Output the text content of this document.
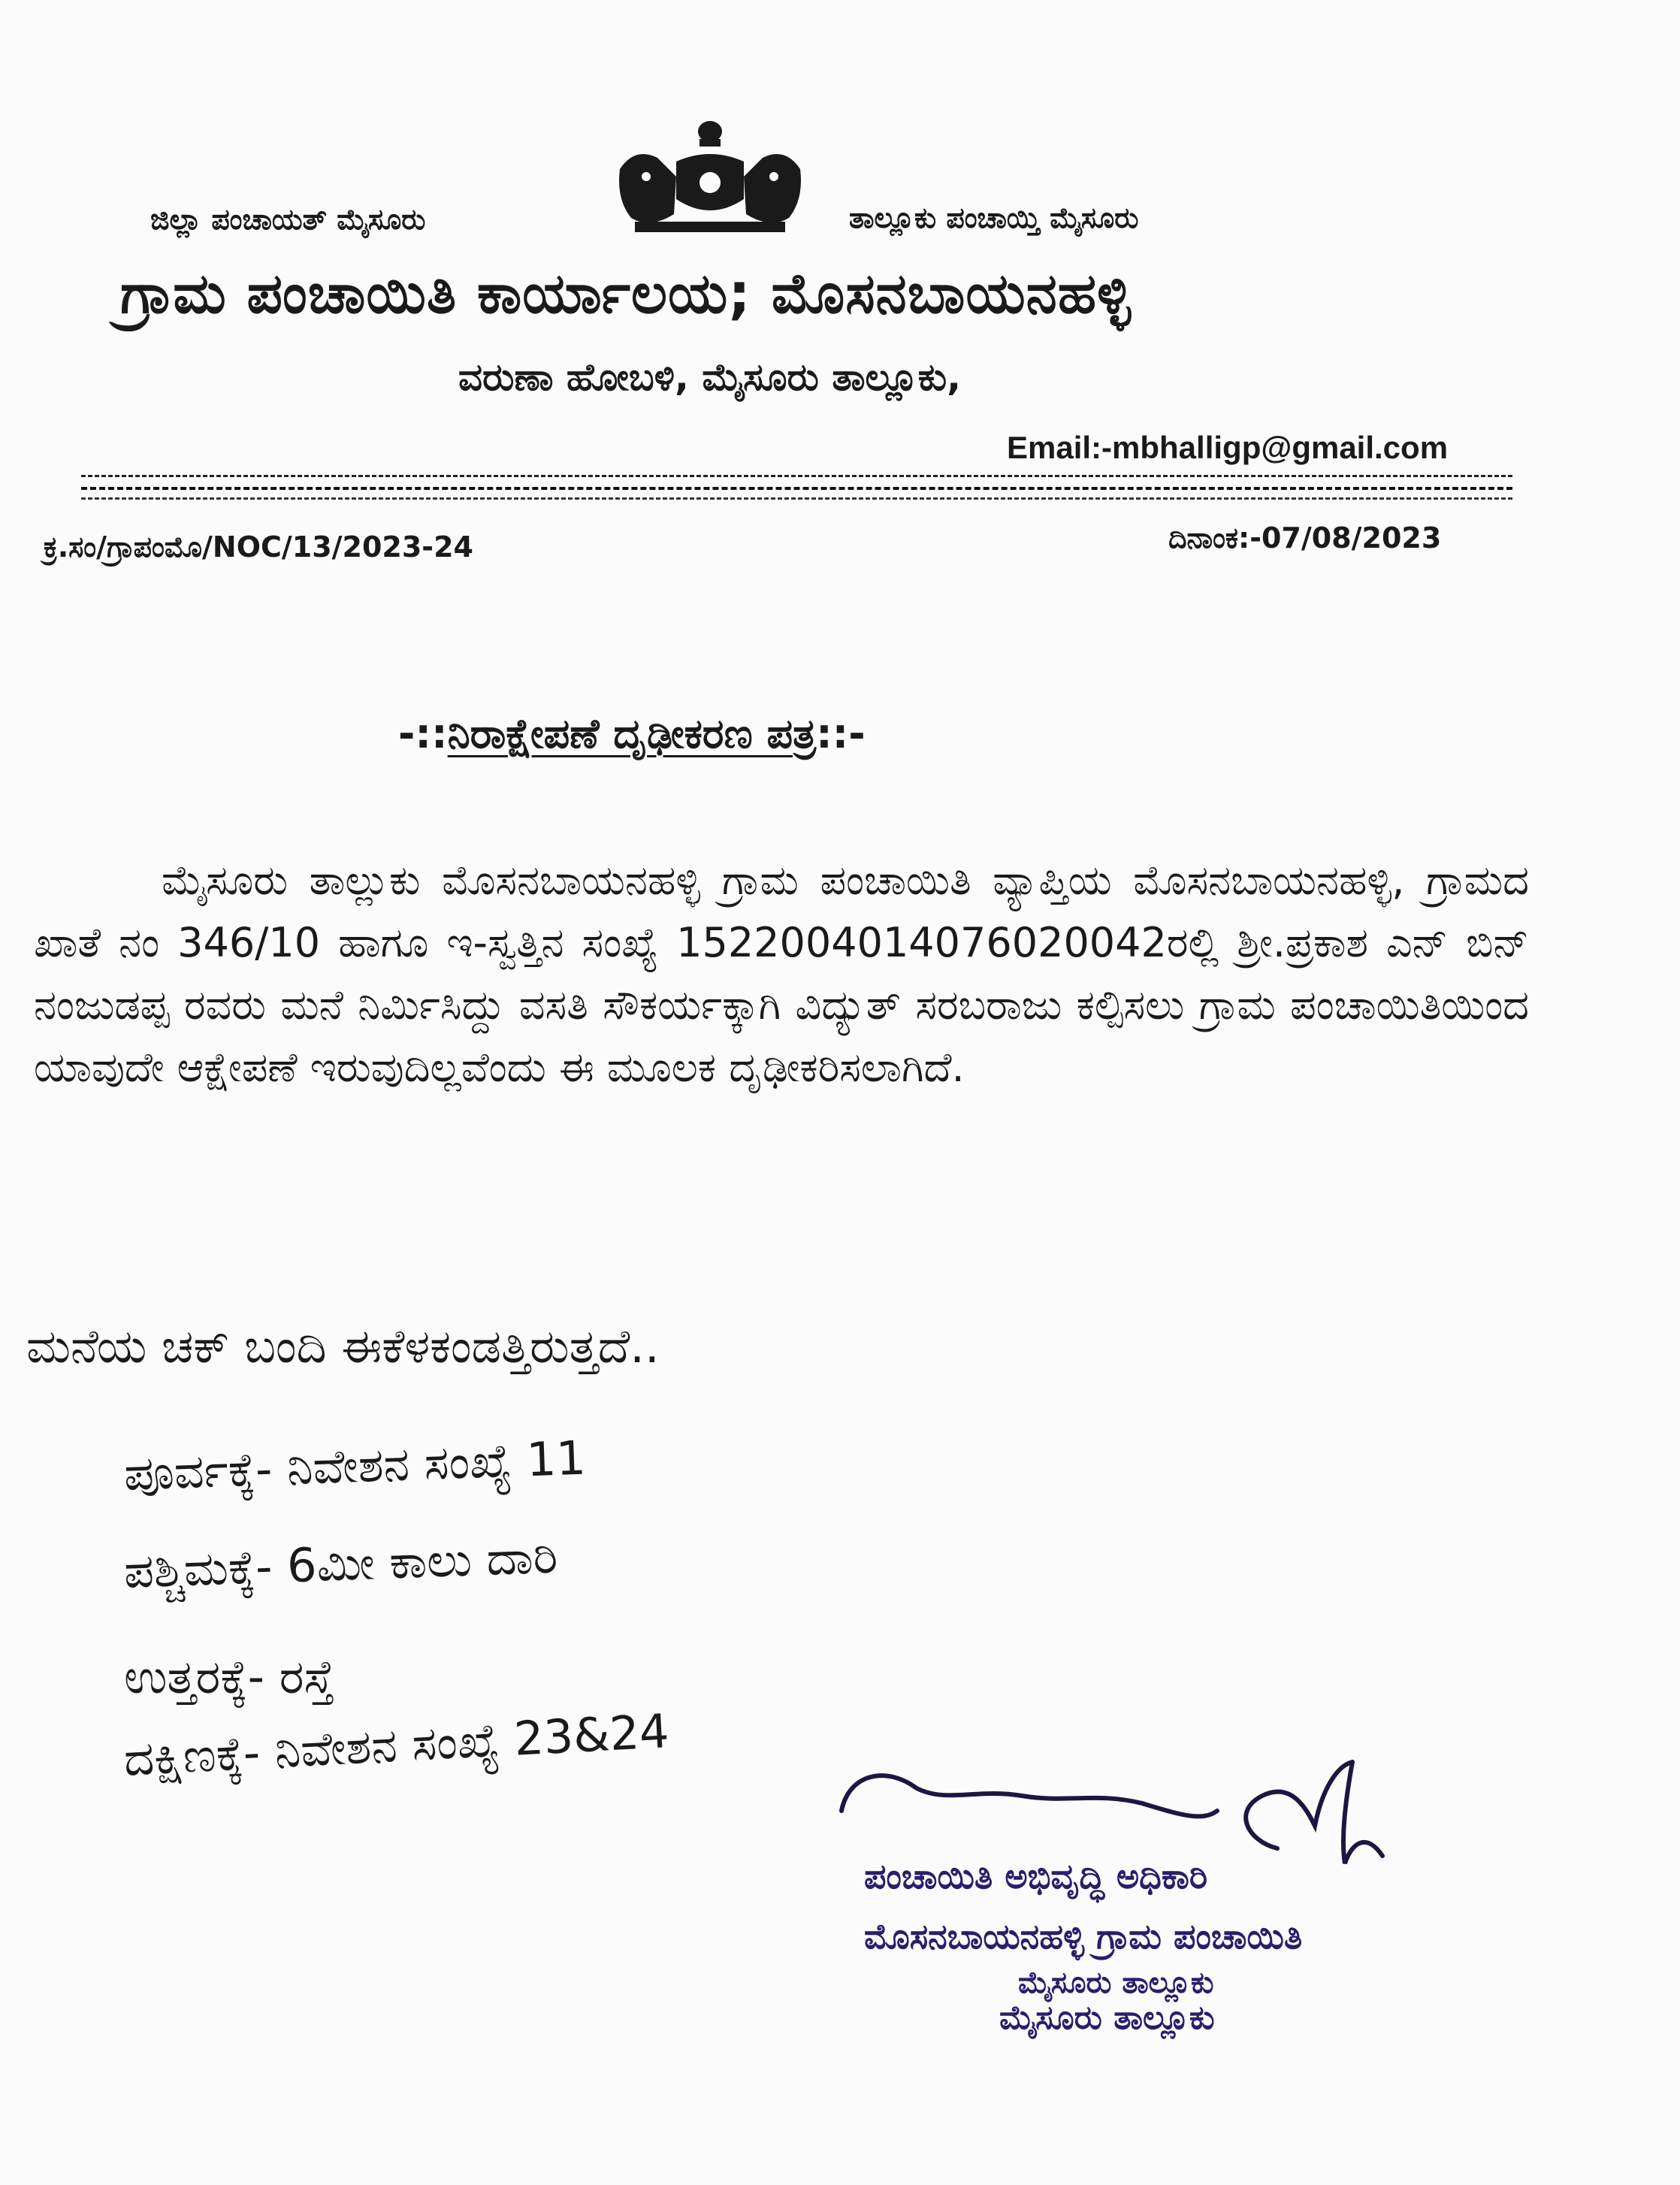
ಜಿಲ್ಲಾ ಪಂಚಾಯತ್ ಮೈಸೂರು	ತಾಲ್ಲೂಕು ಪಂಚಾಯ್ತಿ ಮೈಸೂರು
ಗ್ರಾಮ ಪಂಚಾಯಿತಿ ಕಾರ್ಯಾಲಯ; ಮೊಸನಬಾಯನಹಳ್ಳಿ
ವರುಣಾ ಹೋಬಳಿ, ಮೈಸೂರು ತಾಲ್ಲೂಕು,
Email:-mbhalligp@gmail.com
ಕ್ರ.ಸಂ/ಗ್ರಾಪಂಮೊ/NOC/13/2023-24	ದಿನಾಂಕ:-07/08/2023
-::ನಿರಾಕ್ಷೇಪಣೆ ದೃಢೀಕರಣ ಪತ್ರ::-
ಮೈಸೂರು ತಾಲ್ಲುಕು ಮೊಸನಬಾಯನಹಳ್ಳಿ ಗ್ರಾಮ ಪಂಚಾಯಿತಿ ವ್ಯಾಪ್ತಿಯ ಮೊಸನಬಾಯನಹಳ್ಳಿ, ಗ್ರಾಮದ ಖಾತೆ ನಂ 346/10 ಹಾಗೂ ಇ-ಸ್ವತ್ತಿನ ಸಂಖ್ಯೆ 152200401407602004​2ರಲ್ಲಿ ಶ್ರೀ.ಪ್ರಕಾಶ ಎನ್ ಬಿನ್ ನಂಜುಡಪ್ಪ ರವರು ಮನೆ ನಿರ್ಮಿಸಿದ್ದು ವಸತಿ ಸೌಕರ್ಯಕ್ಕಾಗಿ ವಿದ್ಯುತ್ ಸರಬರಾಜು ಕಲ್ಪಿಸಲು ಗ್ರಾಮ ಪಂಚಾಯಿತಿಯಿಂದ ಯಾವುದೇ ಆಕ್ಷೇಪಣೆ ಇರುವುದಿಲ್ಲವೆಂದು ಈ ಮೂಲಕ ದೃಢೀಕರಿಸಲಾಗಿದೆ.
ಮನೆಯ ಚಕ್ ಬಂದಿ ಈಕೆಳಕಂಡತ್ತಿರುತ್ತದೆ..
ಪೂರ್ವಕ್ಕೆ- ನಿವೇಶನ ಸಂಖ್ಯೆ 11
ಪಶ್ಚಿಮಕ್ಕೆ- 6ಮೀ ಕಾಲು ದಾರಿ
ಉತ್ತರಕ್ಕೆ- ರಸ್ತೆ
ದಕ್ಷಿಣಕ್ಕೆ- ನಿವೇಶನ ಸಂಖ್ಯೆ 23&24
ಪಂಚಾಯಿತಿ ಅಭಿವೃದ್ಧಿ ಅಧಿಕಾರಿ
ಮೊಸನಬಾಯನಹಳ್ಳಿ ಗ್ರಾಮ ಪಂಚಾಯಿತಿ
ಮೈಸೂರು ತಾಲ್ಲೂಕು
ಮೈಸೂರು ತಾಲ್ಲೂಕು
